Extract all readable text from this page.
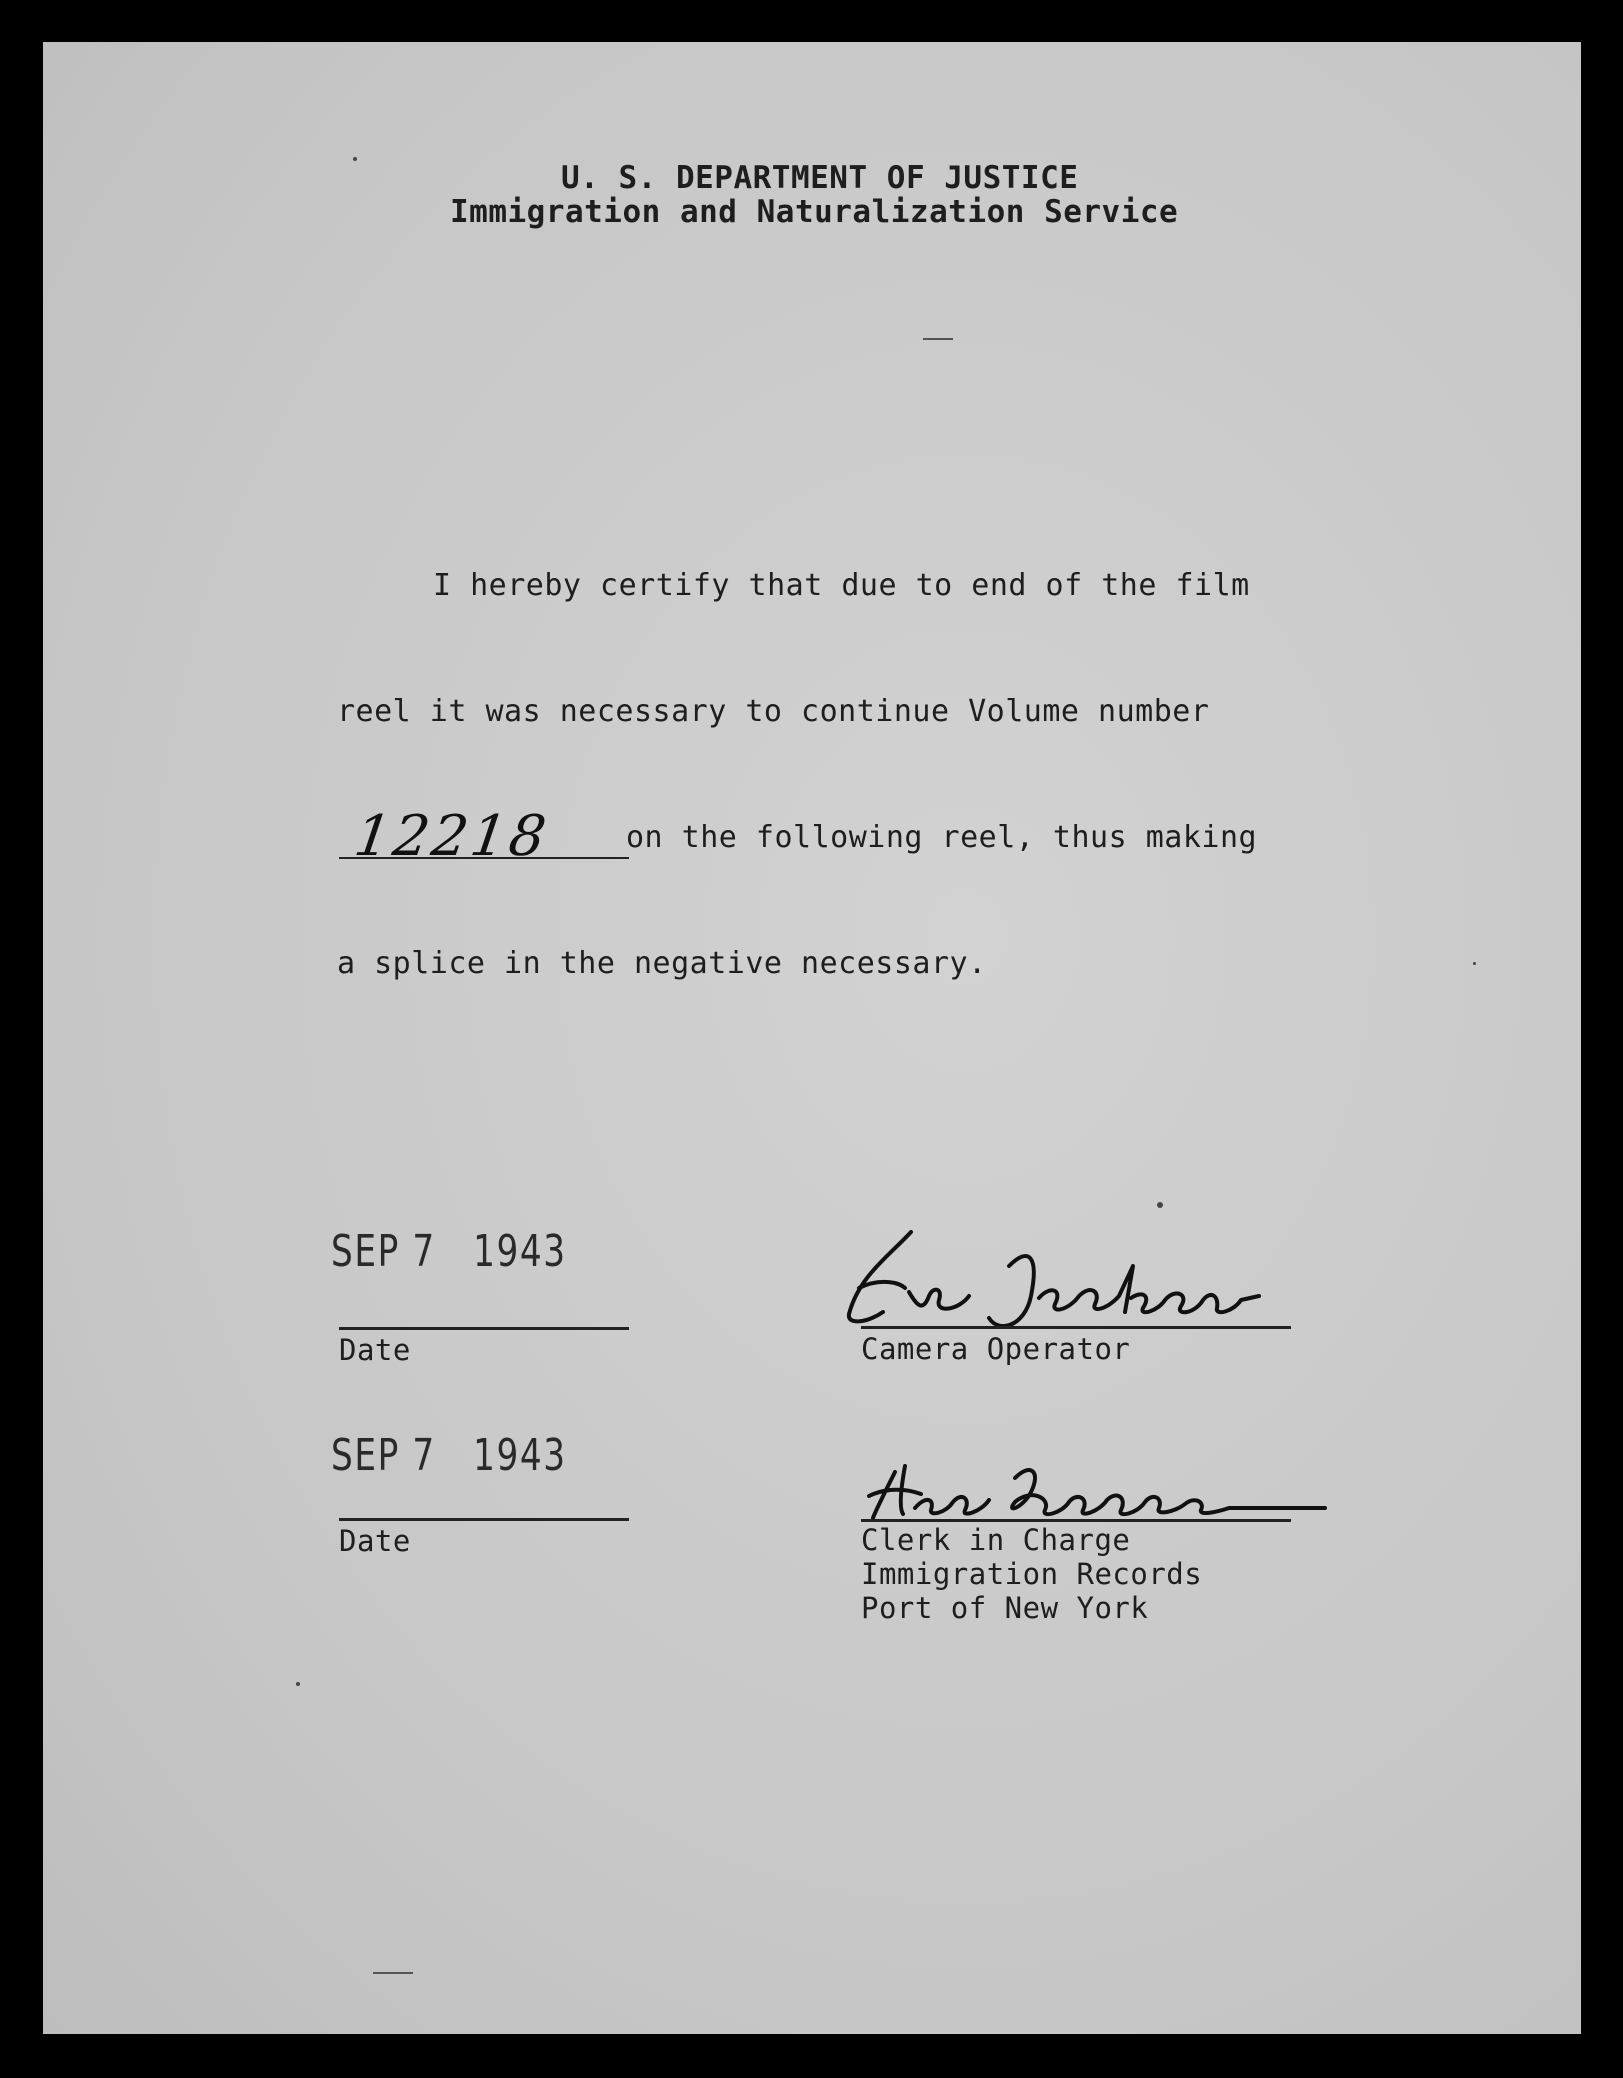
U. S. DEPARTMENT OF JUSTICE
Immigration and Naturalization Service
I hereby certify that due to end of the film
reel it was necessary to continue Volume number
12218 on the following reel, thus making
a splice in the negative necessary.
SEP 7   1943
Date	Camera Operator
SEP 7   1943
Date	Clerk in Charge
Immigration Records
Port of New York
